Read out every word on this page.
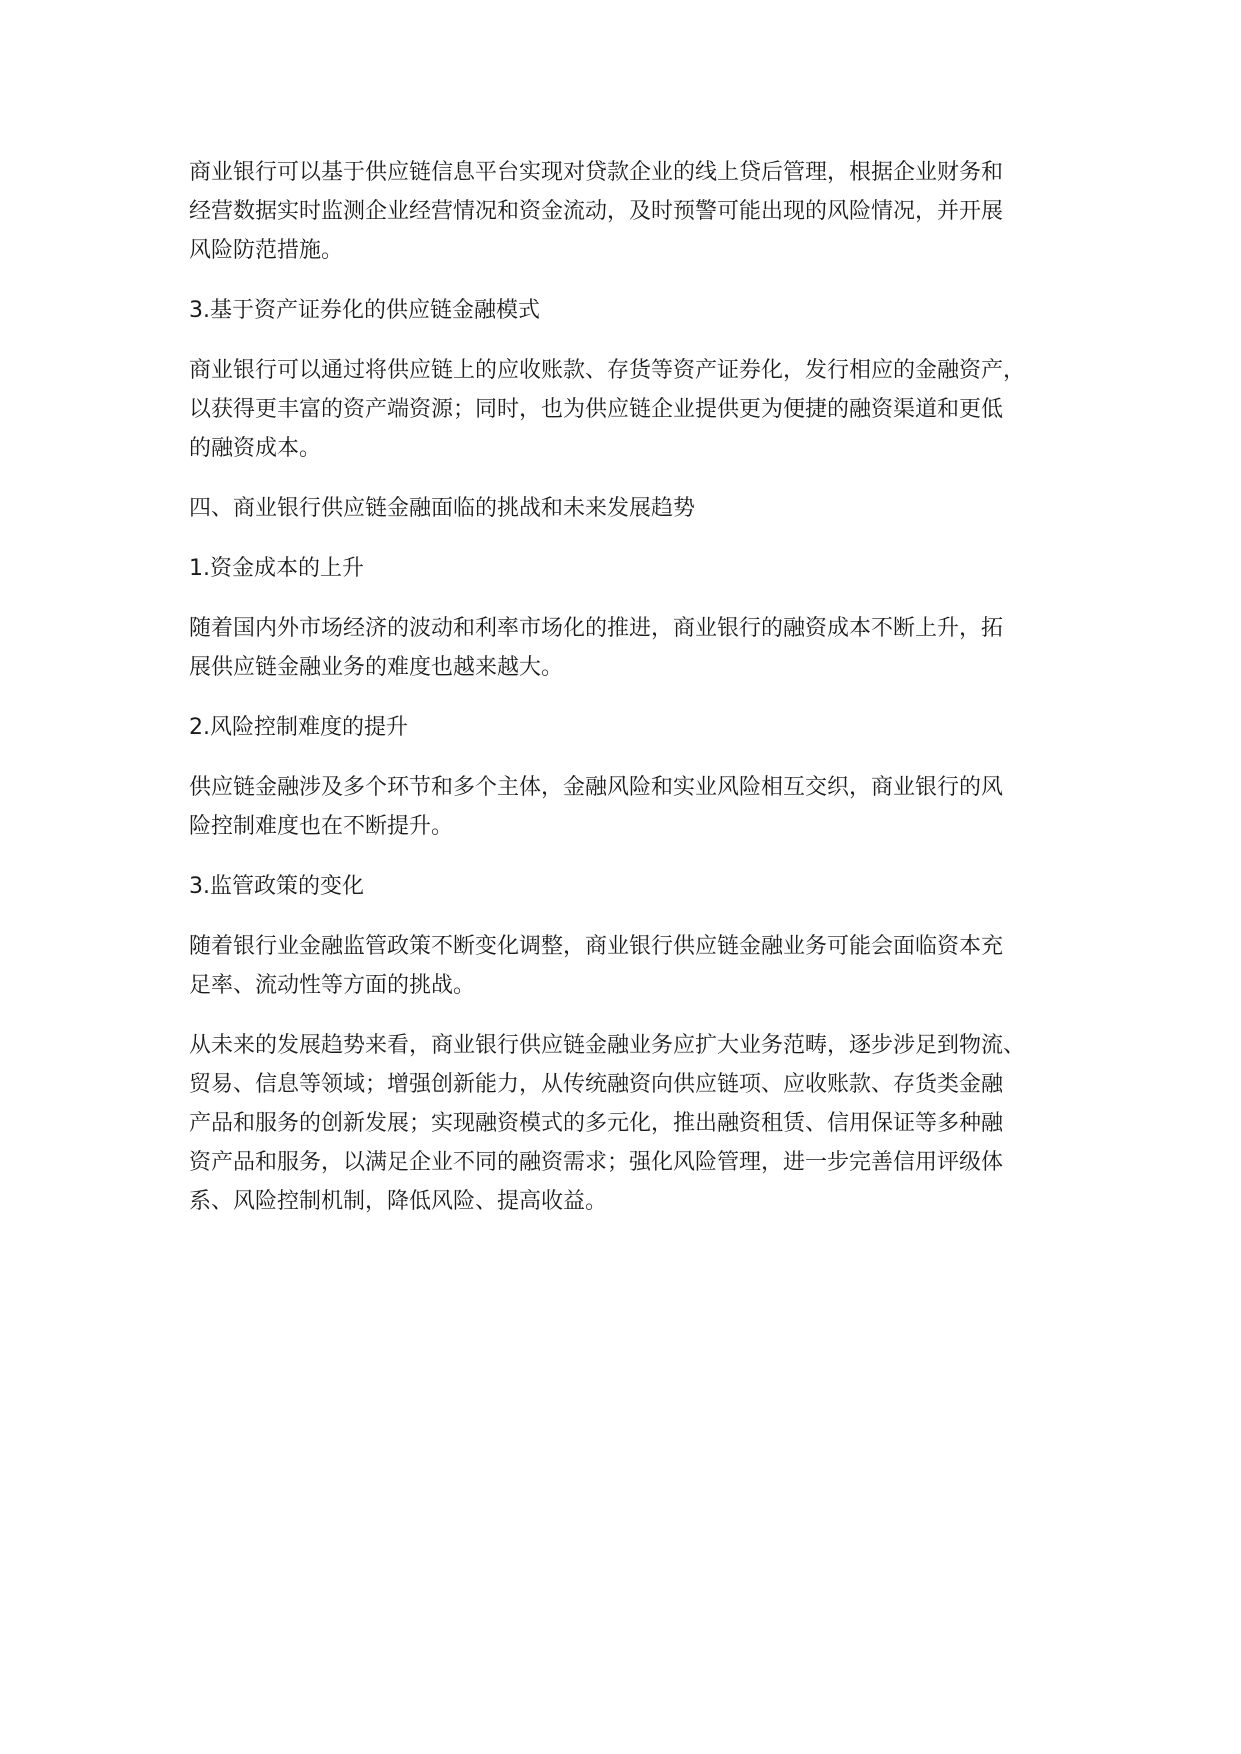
商业银行可以基于供应链信息平台实现对贷款企业的线上贷后管理，根据企业财务和
经营数据实时监测企业经营情况和资金流动，及时预警可能出现的风险情况，并开展
风险防范措施。
3.基于资产证券化的供应链金融模式
商业银行可以通过将供应链上的应收账款、存货等资产证券化，发行相应的金融资产，
以获得更丰富的资产端资源；同时，也为供应链企业提供更为便捷的融资渠道和更低
的融资成本。
四、商业银行供应链金融面临的挑战和未来发展趋势
1.资金成本的上升
随着国内外市场经济的波动和利率市场化的推进，商业银行的融资成本不断上升，拓
展供应链金融业务的难度也越来越大。
2.风险控制难度的提升
供应链金融涉及多个环节和多个主体，金融风险和实业风险相互交织，商业银行的风
险控制难度也在不断提升。
3.监管政策的变化
随着银行业金融监管政策不断变化调整，商业银行供应链金融业务可能会面临资本充
足率、流动性等方面的挑战。
从未来的发展趋势来看，商业银行供应链金融业务应扩大业务范畴，逐步涉足到物流、
贸易、信息等领域；增强创新能力，从传统融资向供应链项、应收账款、存货类金融
产品和服务的创新发展；实现融资模式的多元化，推出融资租赁、信用保证等多种融
资产品和服务，以满足企业不同的融资需求；强化风险管理，进一步完善信用评级体
系、风险控制机制，降低风险、提高收益。
